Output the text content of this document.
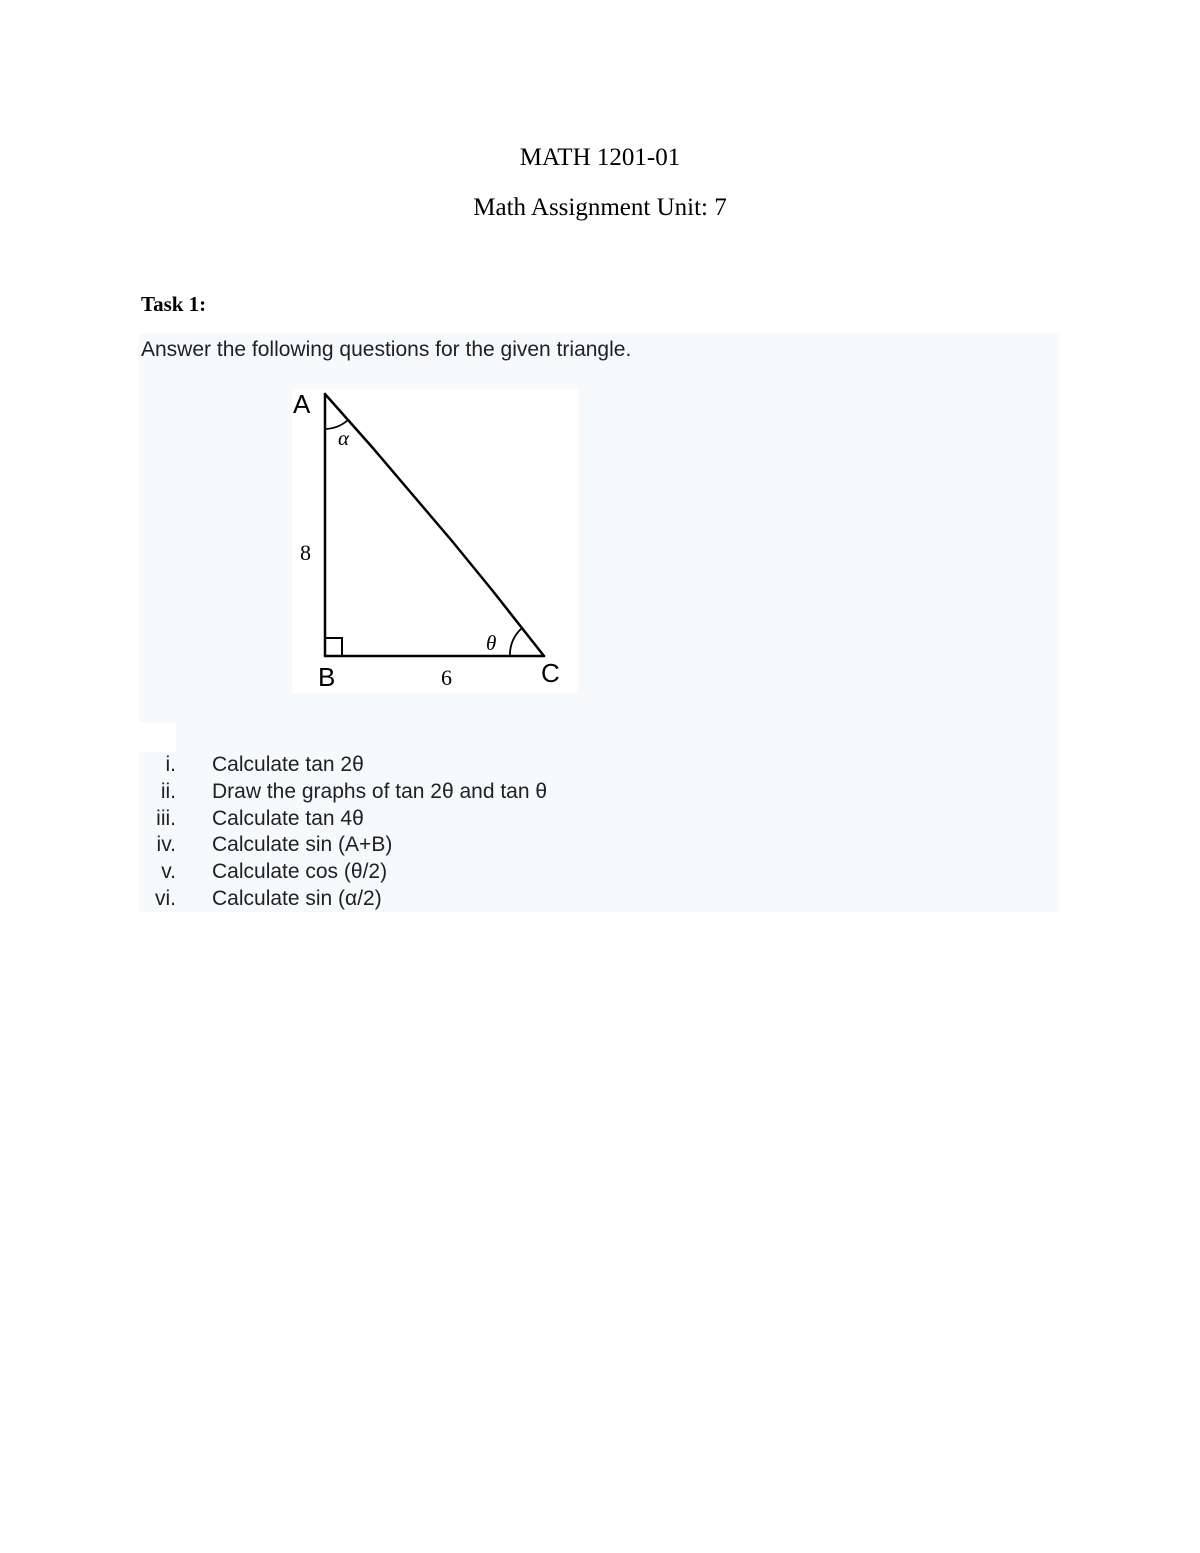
MATH 1201-01
Math Assignment Unit: 7
Task 1:
Answer the following questions for the given triangle.
A
B	C
8
6
α
θ
i. Calculate tan 2θ
ii. Draw the graphs of tan 2θ and tan θ
iii. Calculate tan 4θ
iv. Calculate sin (A+B)
v. Calculate cos (θ/2)
vi. Calculate sin (α/2)
